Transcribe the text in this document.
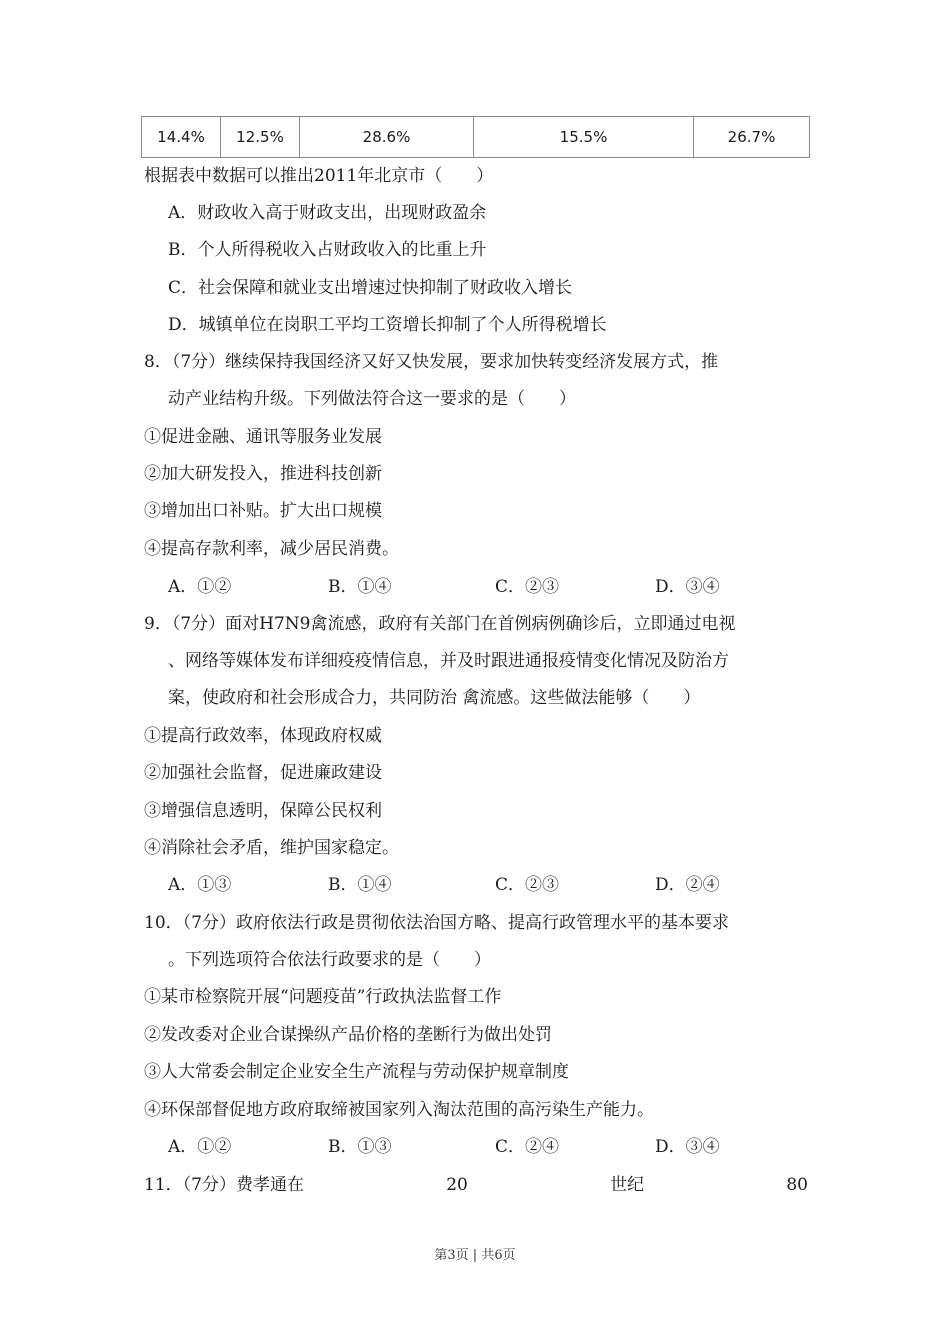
14.4%	12.5%	28.6%	15.5%	26.7%
根据表中数据可以推出2011年北京市（　　）
A．财政收入高于财政支出，出现财政盈余
B．个人所得税收入占财政收入的比重上升
C．社会保障和就业支出增速过快抑制了财政收入增长
D．城镇单位在岗职工平均工资增长抑制了个人所得税增长
8．（7分）继续保持我国经济又好又快发展，要求加快转变经济发展方式，推
动产业结构升级。下列做法符合这一要求的是（　　）
①促进金融、通讯等服务业发展
②加大研发投入，推进科技创新
③增加出口补贴。扩大出口规模
④提高存款利率，减少居民消费。
A．①②	B．①④	C．②③	D．③④
9．（7分）面对H7N9禽流感，政府有关部门在首例病例确诊后，立即通过电视
、网络等媒体发布详细疫疫情信息，并及时跟进通报疫情变化情况及防治方
案，使政府和社会形成合力，共同防治 禽流感。这些做法能够（　　）
①提高行政效率，体现政府权威
②加强社会监督，促进廉政建设
③增强信息透明，保障公民权利
④消除社会矛盾，维护国家稳定。
A．①③	B．①④	C．②③	D．②④
10．（7分）政府依法行政是贯彻依法治国方略、提高行政管理水平的基本要求
。下列选项符合依法行政要求的是（　　）
①某市检察院开展“问题疫苗”行政执法监督工作
②发改委对企业合谋操纵产品价格的垄断行为做出处罚
③人大常委会制定企业安全生产流程与劳动保护规章制度
④环保部督促地方政府取缔被国家列入淘汰范围的高污染生产能力。
A．①②	B．①③	C．②④	D．③④
11．（7分）费孝通在	20	世纪	80
第3页 | 共6页
